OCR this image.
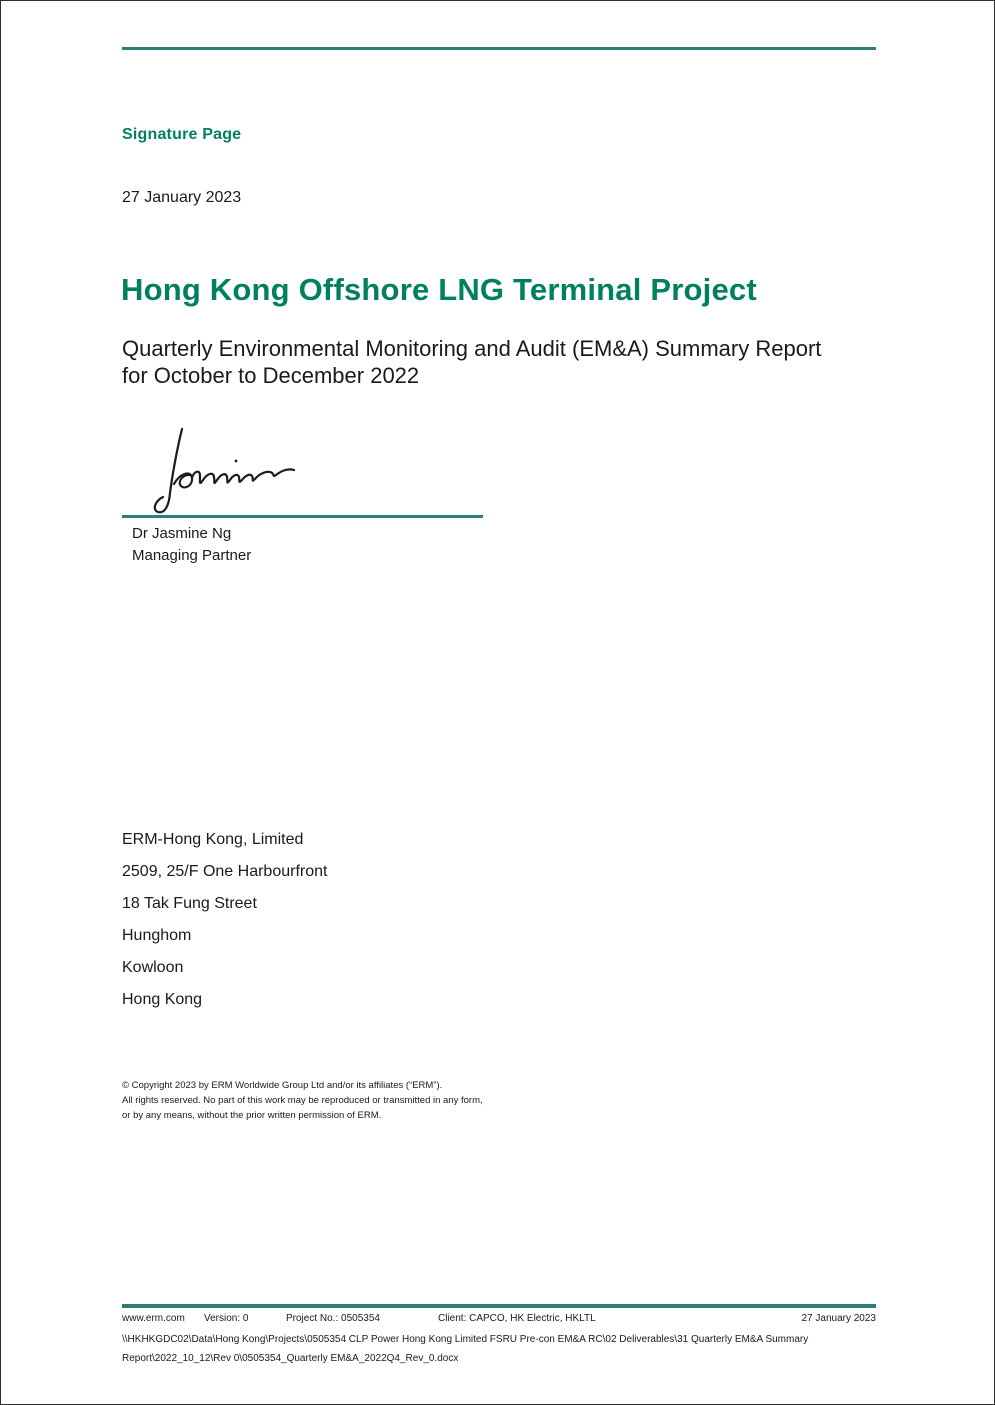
Signature Page
27 January 2023
Hong Kong Offshore LNG Terminal Project
Quarterly Environmental Monitoring and Audit (EM&A) Summary Report
for October to December 2022
Dr Jasmine Ng
Managing Partner
ERM-Hong Kong, Limited
2509, 25/F One Harbourfront
18 Tak Fung Street
Hunghom
Kowloon
Hong Kong
© Copyright 2023 by ERM Worldwide Group Ltd and/or its affiliates (“ERM”).
All rights reserved. No part of this work may be reproduced or transmitted in any form,
or by any means, without the prior written permission of ERM.
www.erm.com Version: 0	Project No.: 0505354	Client: CAPCO, HK Electric, HKLTL	27 January 2023
\\HKHKGDC02\Data\Hong Kong\Projects\0505354 CLP Power Hong Kong Limited FSRU Pre-con EM&A RC\02 Deliverables\31 Quarterly EM&A Summary Report\2022_10_12\Rev 0\0505354_Quarterly EM&A_2022Q4_Rev_0.docx
